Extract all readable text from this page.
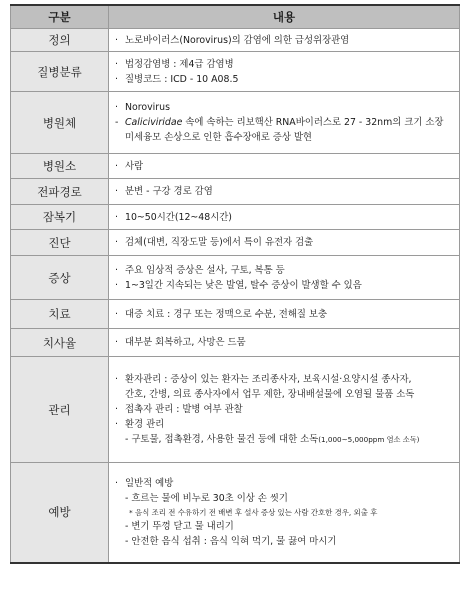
구분	내용
정의	· 노로바이러스(Norovirus)의 감염에 의한 급성위장관염

질병분류	· 법정감염병 : 제4급 감염병
· 질병코드 : ICD - 10 A08.5

병원체	· Norovirus
- Caliciviridae 속에 속하는 리보핵산 RNA바이러스로 27 - 32nm의 크기 소장
미세융모 손상으로 인한 흡수장애로 증상 발현

병원소	· 사람

전파경로	· 분변 - 구강 경로 감염

잠복기	· 10~50시간(12~48시간)

진단	· 검체(대변, 직장도말 등)에서 특이 유전자 검출

증상	· 주요 임상적 증상은 설사, 구토, 복통 등
· 1~3일간 지속되는 낮은 발열, 탈수 증상이 발생할 수 있음

치료	· 대증 치료 : 경구 또는 정맥으로 수분, 전해질 보충

치사율	· 대부분 회복하고, 사망은 드뭄

관리	· 환자관리 : 증상이 있는 환자는 조리종사자, 보육시설·요양시설 종사자,
간호, 간병, 의료 종사자에서 업무 제한, 장내배설물에 오염될 물품 소독
· 접촉자 관리 : 발병 여부 관찰
· 환경 관리
- 구토물, 접촉환경, 사용한 물건 등에 대한 소독(1,000~5,000ppm 염소 소독)

예방	· 일반적 예방
- 흐르는 물에 비누로 30초 이상 손 씻기
* 음식 조리 전 수유하기 전 배변 후 설사 증상 있는 사람 간호한 경우, 외출 후
- 변기 뚜껑 닫고 물 내리기
- 안전한 음식 섭취 : 음식 익혀 먹기, 물 끓여 마시기
